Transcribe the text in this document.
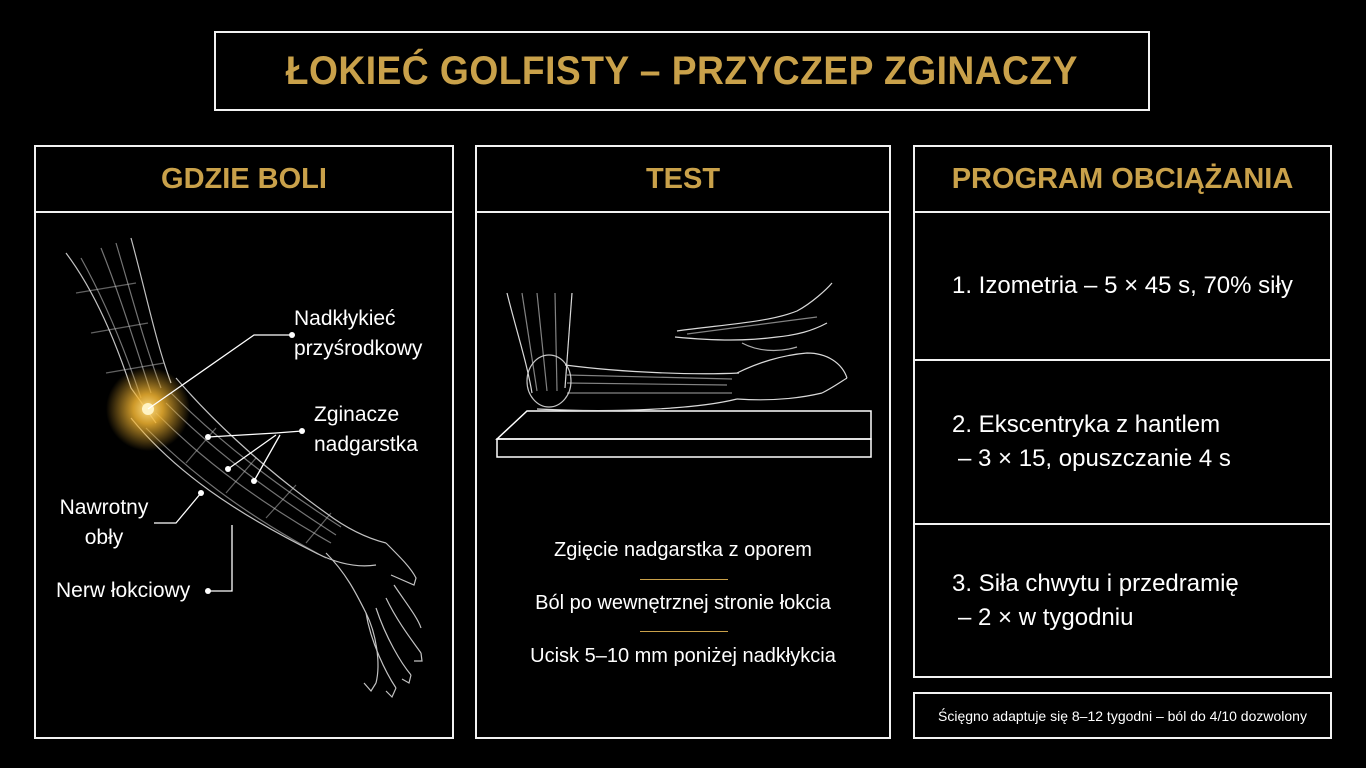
ŁOKIEĆ GOLFISTY – PRZYCZEP ZGINACZY
GDZIE BOLI
Nadkłykieć
przyśrodkowy
Zginacze
nadgarstka
Nawrotny
obły
Nerw łokciowy
TEST
Zgięcie nadgarstka z oporem
Ból po wewnętrznej stronie łokcia
Ucisk 5–10 mm poniżej nadkłykcia
PROGRAM OBCIĄŻANIA
1. Izometria – 5 × 45 s, 70% siły
2. Ekscentryka z hantlem
– 3 × 15, opuszczanie 4 s
3. Siła chwytu i przedramię
– 2 × w tygodniu
Ścięgno adaptuje się 8–12 tygodni – ból do 4/10 dozwolony
